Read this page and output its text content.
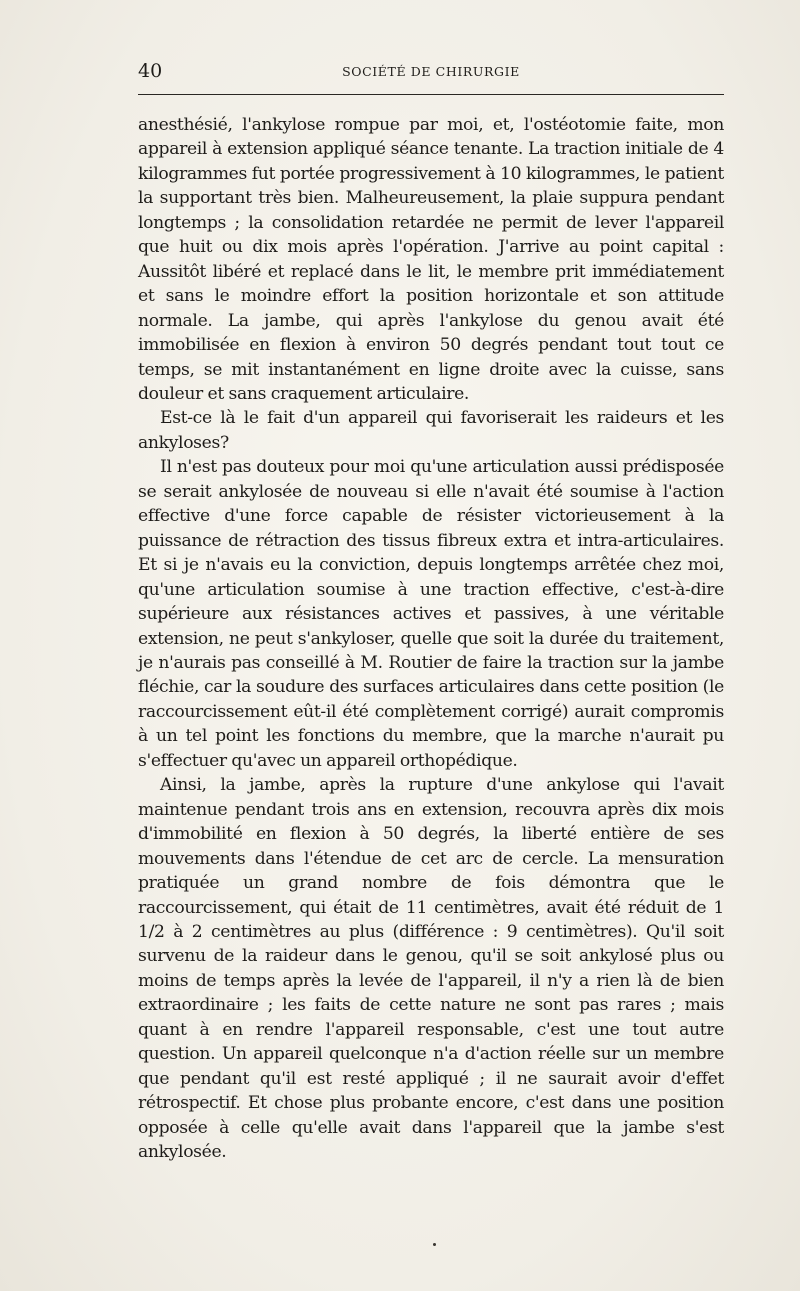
40	SOCIÉTÉ DE CHIRURGIE

anesthésié, l'ankylose rompue par moi, et, l'ostéotomie faite, mon appareil à extension appliqué séance tenante. La traction initiale de 4 kilogrammes fut portée progressivement à 10 kilogrammes, le patient la supportant très bien. Malheureusement, la plaie suppura pendant longtemps ; la consolidation retardée ne permit de lever l'appareil que huit ou dix mois après l'opération. J'arrive au point capital : Aussitôt libéré et replacé dans le lit, le membre prit immédiatement et sans le moindre effort la position horizontale et son attitude normale. La jambe, qui après l'ankylose du genou avait été immobilisée en flexion à environ 50 degrés pendant tout tout ce temps, se mit instantanément en ligne droite avec la cuisse, sans douleur et sans craquement articulaire.

Est-ce là le fait d'un appareil qui favoriserait les raideurs et les ankyloses?

Il n'est pas douteux pour moi qu'une articulation aussi prédisposée se serait ankylosée de nouveau si elle n'avait été soumise à l'action effective d'une force capable de résister victorieusement à la puissance de rétraction des tissus fibreux extra et intra-articulaires. Et si je n'avais eu la conviction, depuis longtemps arrêtée chez moi, qu'une articulation soumise à une traction effective, c'est-à-dire supérieure aux résistances actives et passives, à une véritable extension, ne peut s'ankyloser, quelle que soit la durée du traitement, je n'aurais pas conseillé à M. Routier de faire la traction sur la jambe fléchie, car la soudure des surfaces articulaires dans cette position (le raccourcissement eût-il été complètement corrigé) aurait compromis à un tel point les fonctions du membre, que la marche n'aurait pu s'effectuer qu'avec un appareil orthopédique.

Ainsi, la jambe, après la rupture d'une ankylose qui l'avait maintenue pendant trois ans en extension, recouvra après dix mois d'immobilité en flexion à 50 degrés, la liberté entière de ses mouvements dans l'étendue de cet arc de cercle. La mensuration pratiquée un grand nombre de fois démontra que le raccourcissement, qui était de 11 centimètres, avait été réduit de 1 1/2 à 2 centimètres au plus (différence : 9 centimètres). Qu'il soit survenu de la raideur dans le genou, qu'il se soit ankylosé plus ou moins de temps après la levée de l'appareil, il n'y a rien là de bien extraordinaire ; les faits de cette nature ne sont pas rares ; mais quant à en rendre l'appareil responsable, c'est une tout autre question. Un appareil quelconque n'a d'action réelle sur un membre que pendant qu'il est resté appliqué ; il ne saurait avoir d'effet rétrospectif. Et chose plus probante encore, c'est dans une position opposée à celle qu'elle avait dans l'appareil que la jambe s'est ankylosée.
